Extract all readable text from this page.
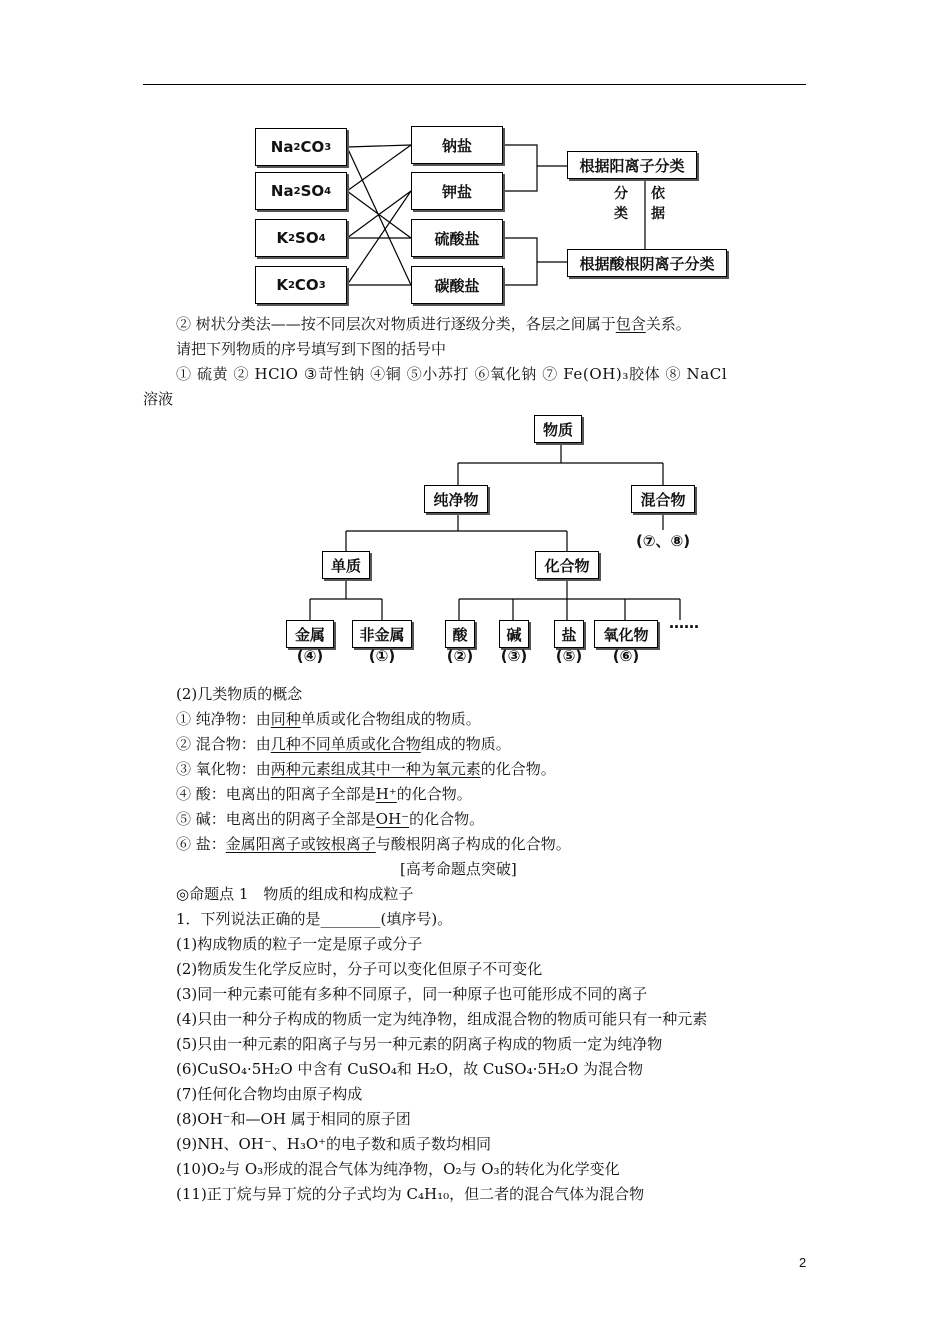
Na 2 CO 3
Na 2 SO 4
K 2 SO 4
K 2 CO 3
钠盐
钾盐
硫酸盐
碳酸盐
根据阳离子分类
根据酸根阴离子分类
分
类
依
据
② 树状分类法——按不同层次对物质进行逐级分类，各层之间属于包含关系。
请把下列物质的序号填写到下图的括号中
① 硫黄 ② HClO ③苛性钠 ④铜 ⑤小苏打 ⑥氧化钠 ⑦ Fe(OH)₃胶体 ⑧ NaCl
溶液
物质
纯净物	混合物
(⑦、⑧)
单质	化合物
金属
(④)
非金属
(①)
酸
(②)
碱
(③)
盐
(⑤)
氧化物
(⑥)
……
(2)几类物质的概念
① 纯净物：由同种单质或化合物组成的物质。
② 混合物：由几种不同单质或化合物组成的物质。
③ 氧化物：由两种元素组成其中一种为氧元素的化合物。
④ 酸：电离出的阳离子全部是H⁺的化合物。
⑤ 碱：电离出的阴离子全部是OH⁻的化合物。
⑥ 盐：金属阳离子或铵根离子与酸根阴离子构成的化合物。
[高考命题点突破]
◎命题点 1　物质的组成和构成粒子
1．下列说法正确的是________(填序号)。
(1)构成物质的粒子一定是原子或分子
(2)物质发生化学反应时，分子可以变化但原子不可变化
(3)同一种元素可能有多种不同原子，同一种原子也可能形成不同的离子
(4)只由一种分子构成的物质一定为纯净物，组成混合物的物质可能只有一种元素
(5)只由一种元素的阳离子与另一种元素的阴离子构成的物质一定为纯净物
(6)CuSO₄·5H₂O 中含有 CuSO₄和 H₂O，故 CuSO₄·5H₂O 为混合物
(7)任何化合物均由原子构成
(8)OH⁻和—OH 属于相同的原子团
(9)NH、OH⁻、H₃O⁺的电子数和质子数均相同
(10)O₂与 O₃形成的混合气体为纯净物，O₂与 O₃的转化为化学变化
(11)正丁烷与异丁烷的分子式均为 C₄H₁₀，但二者的混合气体为混合物
2
